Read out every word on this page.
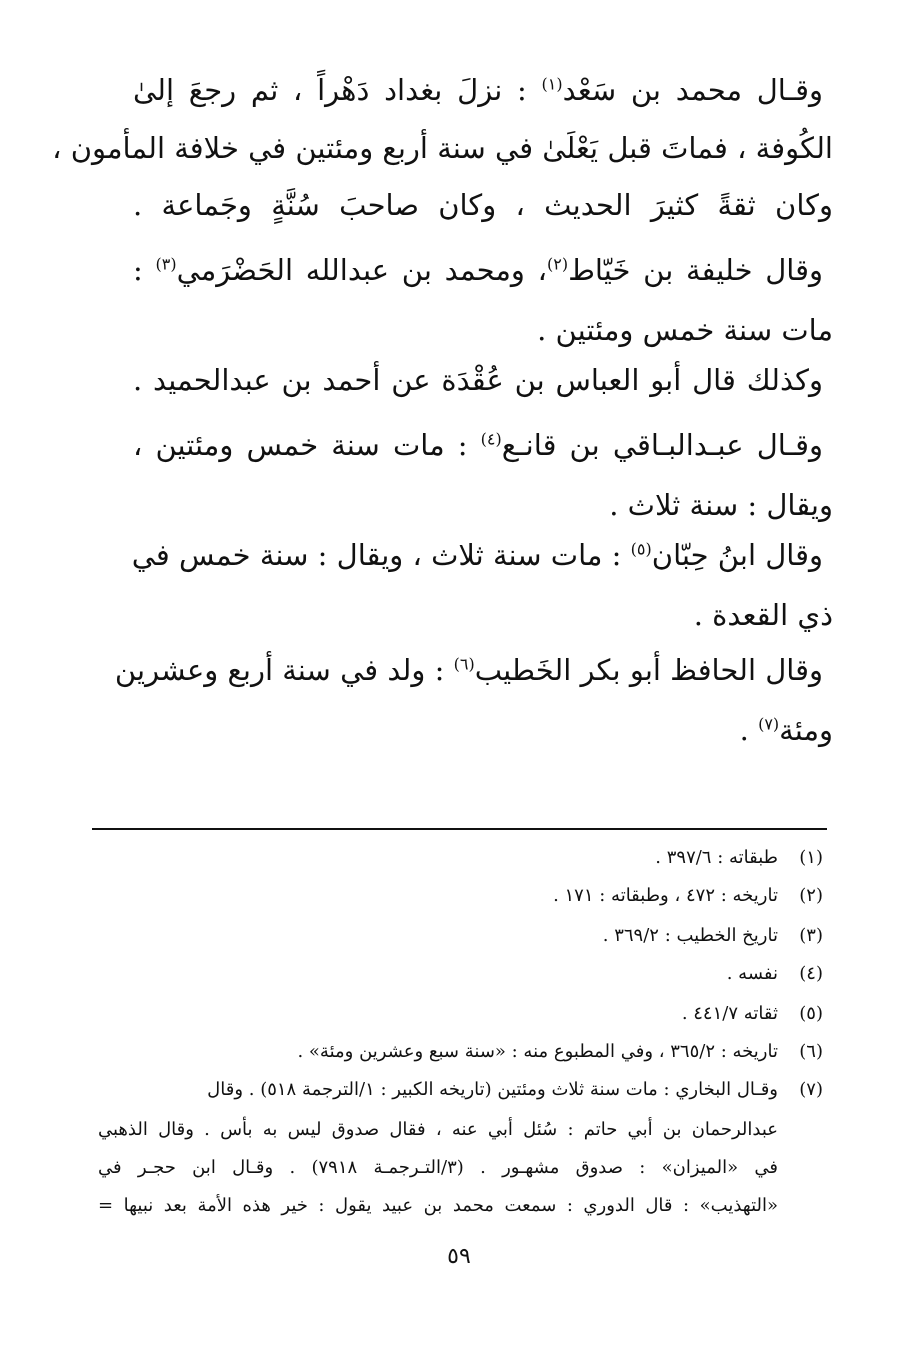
وقـال محمد بن سَعْد$^{(١)}$ : نزلَ بغداد دَهْراً ، ثم رجعَ إلىٰ
الكُوفة ، فماتَ قبل يَعْلَىٰ في سنة أربع ومئتين في خلافة المأمون ،
وكان ثقةً كثيرَ الحديث ، وكان صاحبَ سُنَّةٍ وجَماعة .
وقال خليفة بن خَيّاط$^{(٢)}$، ومحمد بن عبدالله الحَضْرَمي$^{(٣)}$ :
مات سنة خمس ومئتين .
وكذلك قال أبو العباس بن عُقْدَة عن أحمد بن عبدالحميد .
وقـال عبـدالبـاقي بن قانـع$^{(٤)}$ : مات سنة خمس ومئتين ،
ويقال : سنة ثلاث .
وقال ابنُ حِبّان$^{(٥)}$ : مات سنة ثلاث ، ويقال : سنة خمس في
ذي القعدة .
وقال الحافظ أبو بكر الخَطيب$^{(٦)}$ : ولد في سنة أربع وعشرين
ومئة$^{(٧)}$ .
(١)طبقاته : ٣٩٧/٦ .
(٢)تاريخه : ٤٧٢ ، وطبقاته : ١٧١ .
(٣)تاريخ الخطيب : ٣٦٩/٢ .
(٤)نفسه .
(٥)ثقاته ٤٤١/٧ .
(٦)تاريخه : ٣٦٥/٢ ، وفي المطبوع منه : «سنة سبع وعشرين ومئة» .
(٧)
وقـال البخاري : مات سنة ثلاث ومئتين (تاريخه الكبير : ١/الترجمة ٥١٨) . وقال
عبدالرحمان بن أبي حاتم : سُئل أبي عنه ، فقال صدوق ليس به بأس . وقال الذهبي
في «الميزان» : صدوق مشهـور . (٣/التـرجمـة ٧٩١٨) . وقـال ابن حجـر في
«التهذيب» : قال الدوري : سمعت محمد بن عبيد يقول : خير هذه الأمة بعد نبيها =
٥٩
